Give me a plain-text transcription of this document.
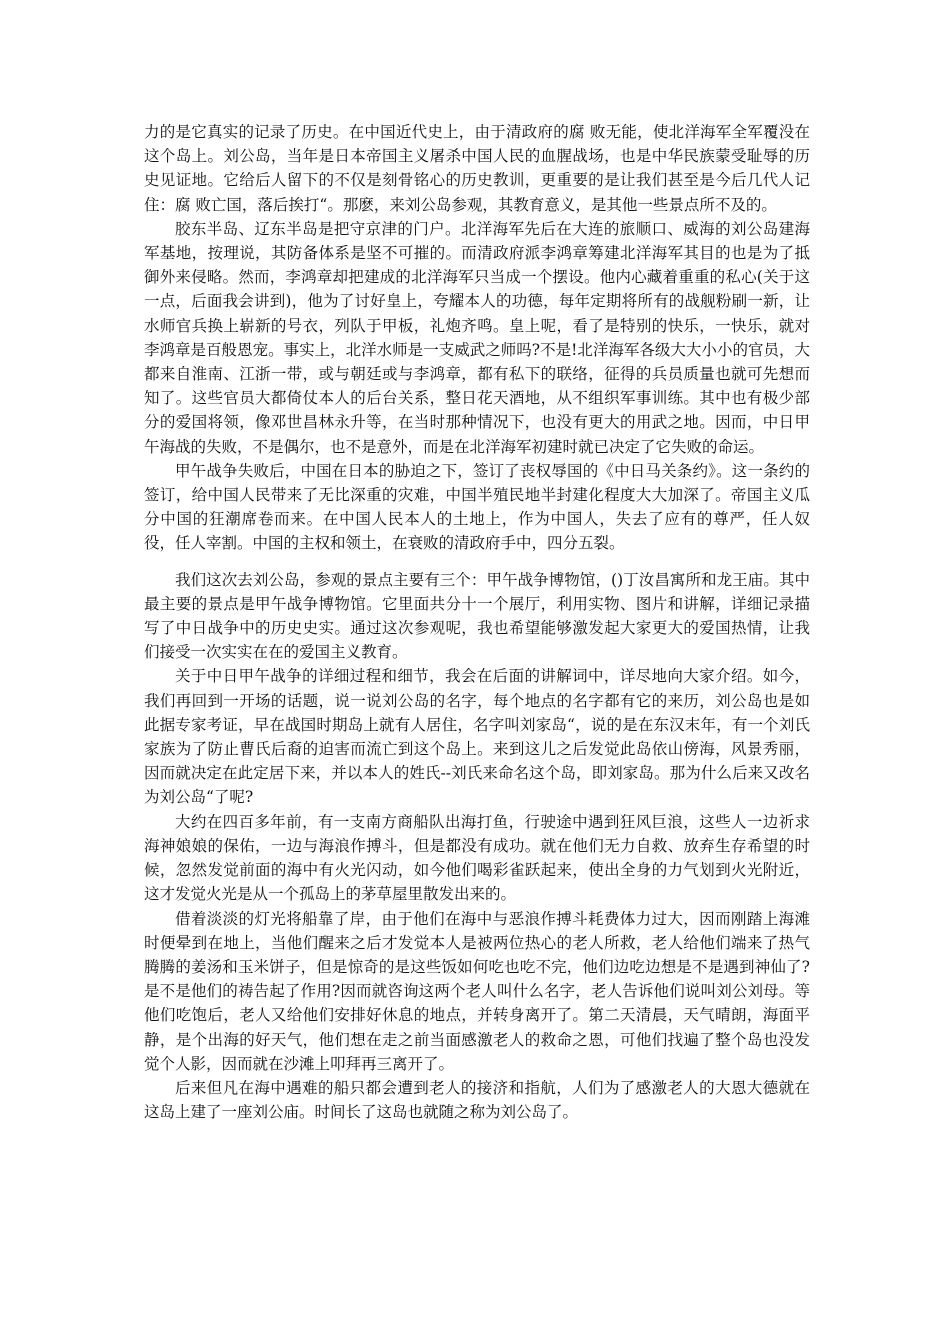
力的是它真实的记录了历史。在中国近代史上，由于清政府的腐 败无能，使北洋海军全军覆没在这个岛上。刘公岛，当年是日本帝国主义屠杀中国人民的血腥战场，也是中华民族蒙受耻辱的历史见证地。它给后人留下的不仅是刻骨铭心的历史教训，更重要的是让我们甚至是今后几代人记住：腐 败亡国，落后挨打“。那麽，来刘公岛参观，其教育意义，是其他一些景点所不及的。

胶东半岛、辽东半岛是把守京津的门户。北洋海军先后在大连的旅顺口、威海的刘公岛建海军基地，按理说，其防备体系是坚不可摧的。而清政府派李鸿章筹建北洋海军其目的也是为了抵御外来侵略。然而，李鸿章却把建成的北洋海军只当成一个摆设。他内心藏着重重的私心(关于这一点，后面我会讲到)，他为了讨好皇上，夸耀本人的功德，每年定期将所有的战舰粉刷一新，让水师官兵换上崭新的号衣，列队于甲板，礼炮齐鸣。皇上呢，看了是特别的快乐，一快乐，就对李鸿章是百般恩宠。事实上，北洋水师是一支威武之师吗?不是!北洋海军各级大大小小的官员，大都来自淮南、江浙一带，或与朝廷或与李鸿章，都有私下的联络，征得的兵员质量也就可先想而知了。这些官员大都倚仗本人的后台关系，整日花天酒地，从不组织军事训练。其中也有极少部分的爱国将领，像邓世昌林永升等，在当时那种情况下，也没有更大的用武之地。因而，中日甲午海战的失败，不是偶尔，也不是意外，而是在北洋海军初建时就已决定了它失败的命运。

甲午战争失败后，中国在日本的胁迫之下，签订了丧权辱国的《中日马关条约》。这一条约的签订，给中国人民带来了无比深重的灾难，中国半殖民地半封建化程度大大加深了。帝国主义瓜分中国的狂潮席卷而来。在中国人民本人的土地上，作为中国人，失去了应有的尊严，任人奴役，任人宰割。中国的主权和领土，在衰败的清政府手中，四分五裂。

我们这次去刘公岛，参观的景点主要有三个：甲午战争博物馆，()丁汝昌寓所和龙王庙。其中最主要的景点是甲午战争博物馆。它里面共分十一个展厅，利用实物、图片和讲解，详细记录描写了中日战争中的历史史实。通过这次参观呢，我也希望能够激发起大家更大的爱国热情，让我们接受一次实实在在的爱国主义教育。

关于中日甲午战争的详细过程和细节，我会在后面的讲解词中，详尽地向大家介绍。如今，我们再回到一开场的话题，说一说刘公岛的名字，每个地点的名字都有它的来历，刘公岛也是如此据专家考证，早在战国时期岛上就有人居住，名字叫刘家岛“，说的是在东汉末年，有一个刘氏家族为了防止曹氏后裔的迫害而流亡到这个岛上。来到这儿之后发觉此岛依山傍海，风景秀丽，因而就决定在此定居下来，并以本人的姓氏--刘氏来命名这个岛，即刘家岛。那为什么后来又改名为刘公岛“了呢?

大约在四百多年前，有一支南方商船队出海打鱼，行驶途中遇到狂风巨浪，这些人一边祈求海神娘娘的保佑，一边与海浪作搏斗，但是都没有成功。就在他们无力自救、放弃生存希望的时候，忽然发觉前面的海中有火光闪动，如今他们喝彩雀跃起来，使出全身的力气划到火光附近，这才发觉火光是从一个孤岛上的茅草屋里散发出来的。

借着淡淡的灯光将船靠了岸，由于他们在海中与恶浪作搏斗耗费体力过大，因而刚踏上海滩时便晕到在地上，当他们醒来之后才发觉本人是被两位热心的老人所救，老人给他们端来了热气腾腾的姜汤和玉米饼子，但是惊奇的是这些饭如何吃也吃不完，他们边吃边想是不是遇到神仙了?是不是他们的祷告起了作用?因而就咨询这两个老人叫什么名字，老人告诉他们说叫刘公刘母。等他们吃饱后，老人又给他们安排好休息的地点，并转身离开了。第二天清晨，天气晴朗，海面平静，是个出海的好天气，他们想在走之前当面感激老人的救命之恩，可他们找遍了整个岛也没发觉个人影，因而就在沙滩上叩拜再三离开了。

后来但凡在海中遇难的船只都会遭到老人的接济和指航，人们为了感激老人的大恩大德就在这岛上建了一座刘公庙。时间长了这岛也就随之称为刘公岛了。
